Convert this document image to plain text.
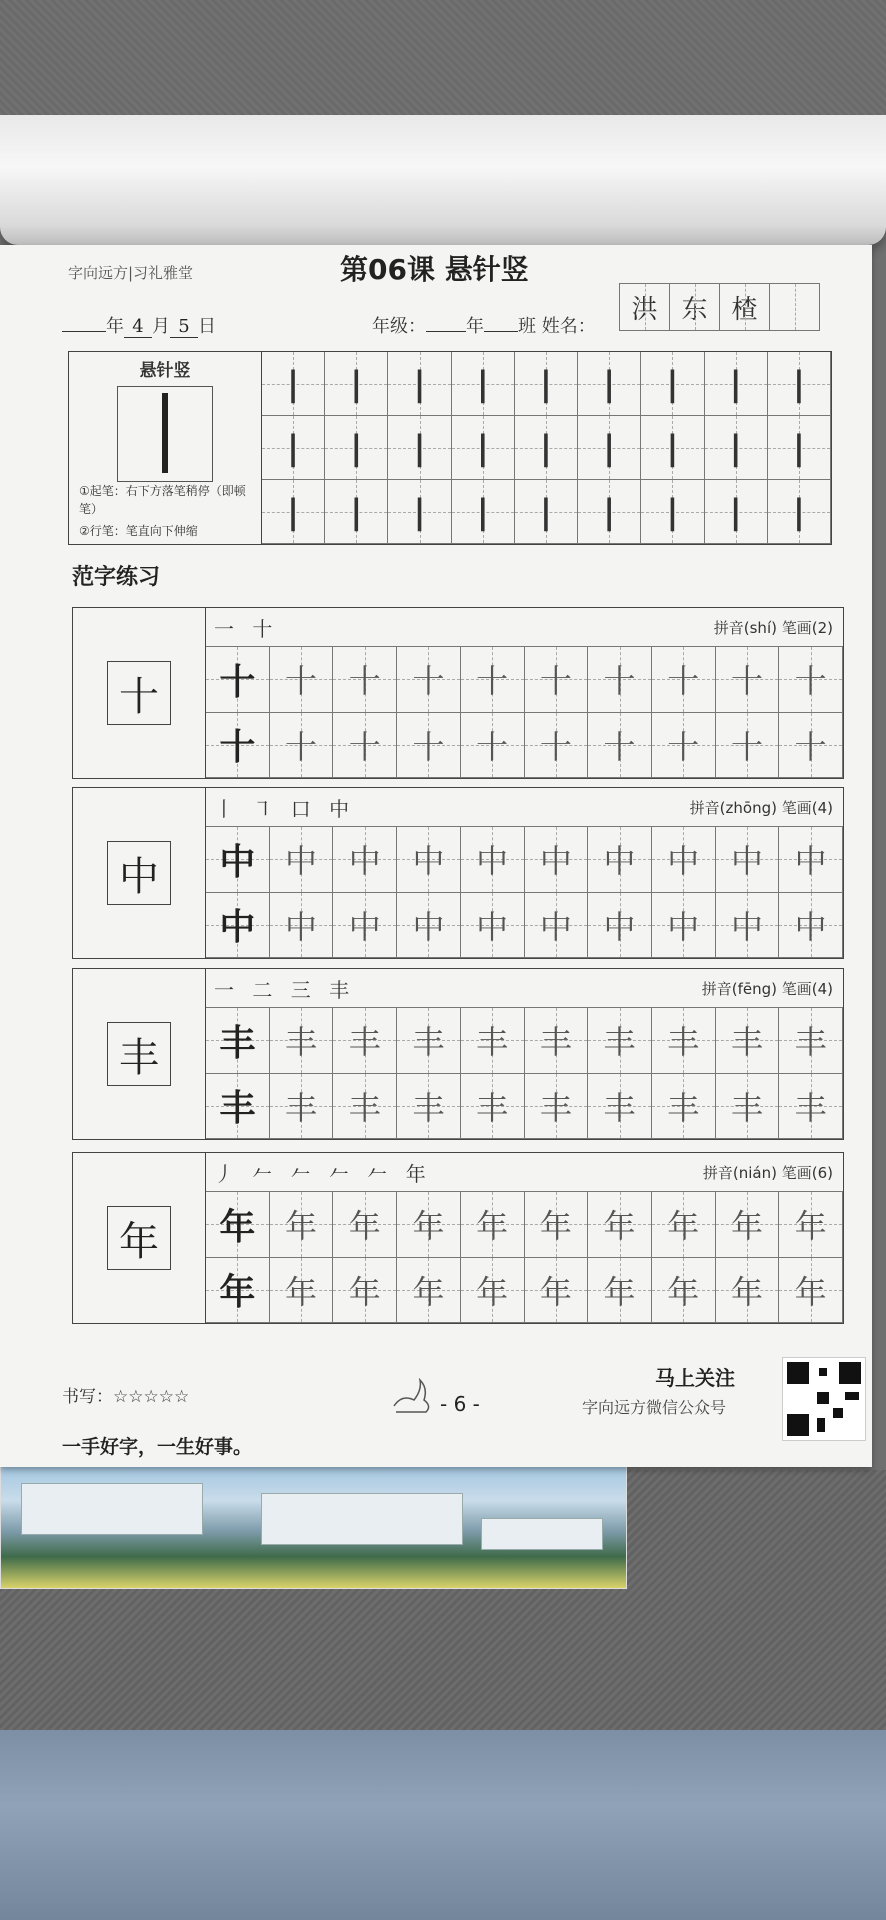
字向远方|习礼雅堂	第06课 悬针竖
年 4 月 5 日	年级： 年 班 姓名：
洪 东 楂
悬针竖
①起笔：右下方落笔稍停（即顿笔）
②行笔：笔直向下伸缩
| | | | | | | | |
| | | | | | | | |
| | | | | | | | |
范字练习
十
一 十	拼音(shí) 笔画(2)
十 十 十 十 十 十 十 十 十 十
十 十 十 十 十 十 十 十 十 十
中
丨 ㇕ 口 中	拼音(zhōng) 笔画(4)
中 中 中 中 中 中 中 中 中 中
中 中 中 中 中 中 中 中 中 中
丰
一 二 三 丰	拼音(fēng) 笔画(4)
丰 丰 丰 丰 丰 丰 丰 丰 丰 丰
丰 丰 丰 丰 丰 丰 丰 丰 丰 丰
年
丿 𠂉 𠂉 𠂉 𠂉 年	拼音(nián) 笔画(6)
年 年 年 年 年 年 年 年 年 年
年 年 年 年 年 年 年 年 年 年
书写：☆☆☆☆☆
一手好字，一生好事。
- 6 -
马上关注
字向远方微信公众号
